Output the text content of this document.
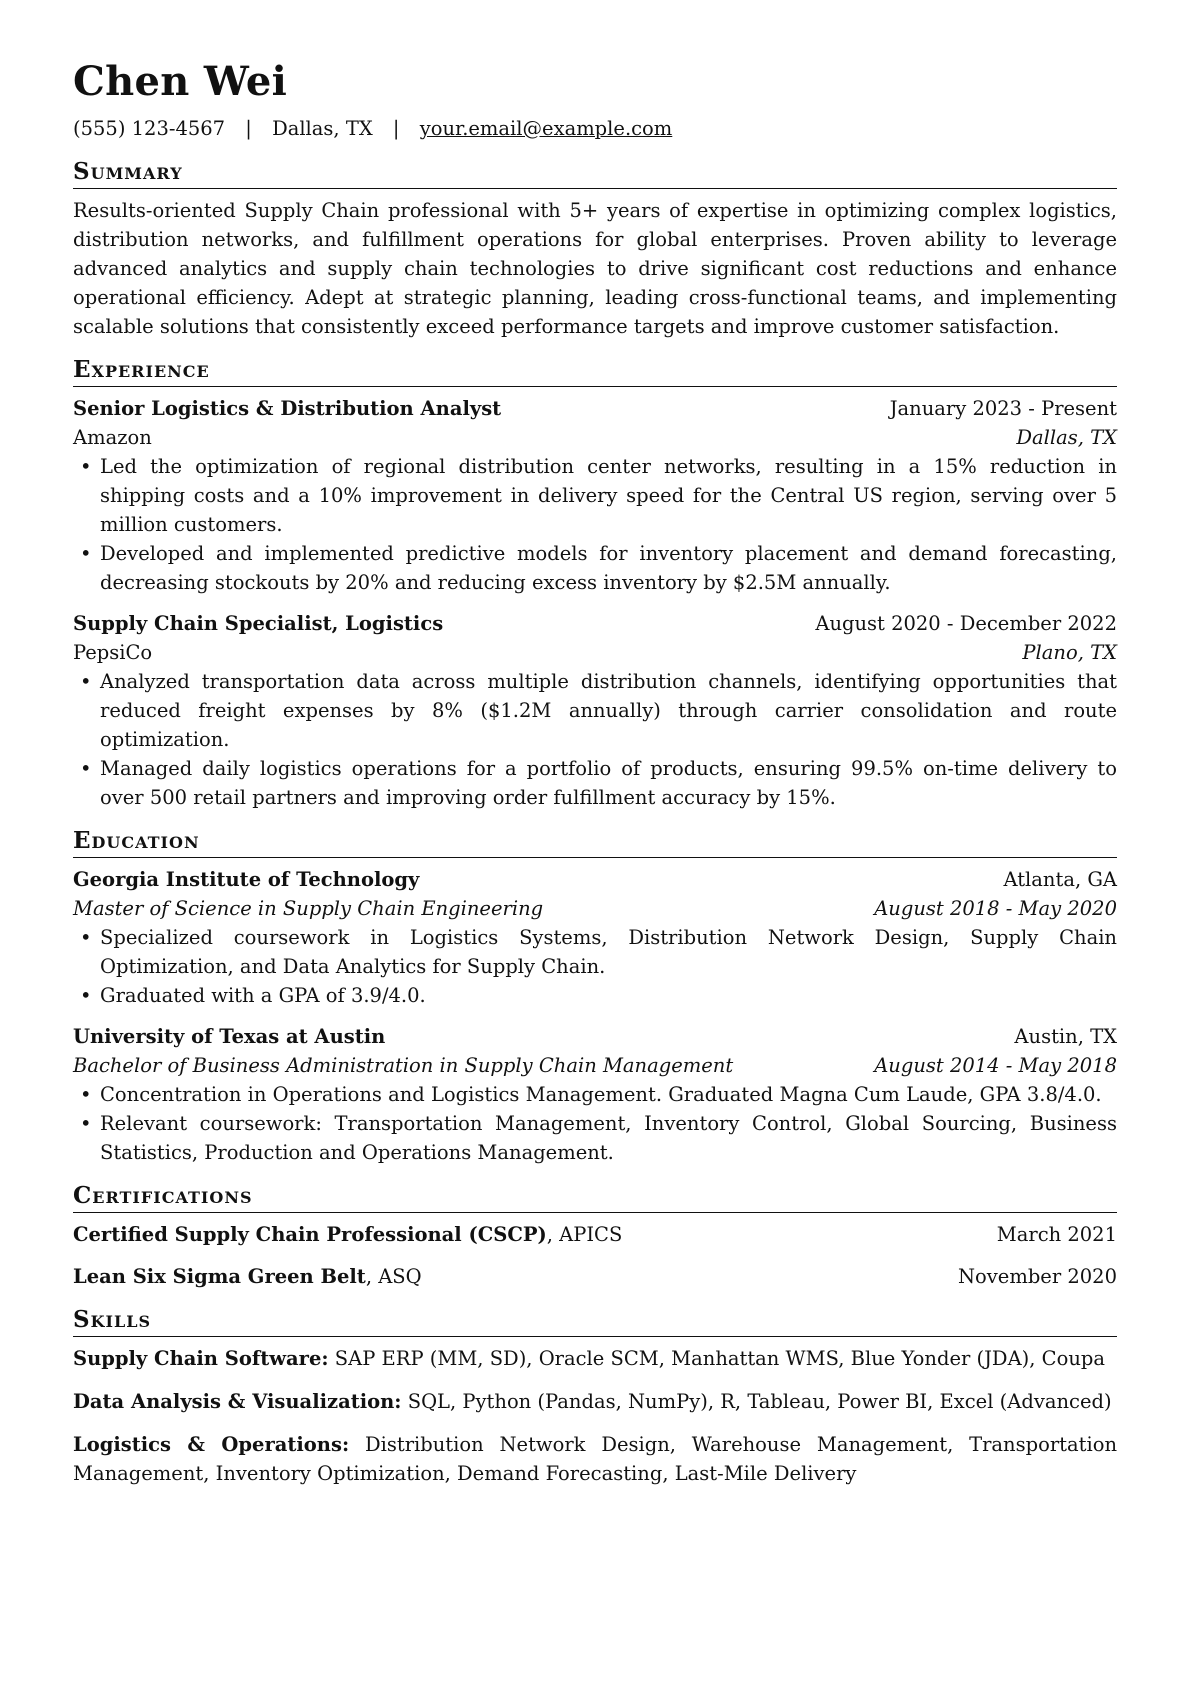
Chen Wei
(555) 123-4567 | Dallas, TX | your.email@example.com
Summary

Results-oriented Supply Chain professional with 5+ years of expertise in optimizing complex logistics, distribution networks, and fulfillment operations for global enterprises. Proven ability to leverage advanced analytics and supply chain technologies to drive significant cost reductions and enhance operational efficiency. Adept at strategic planning, leading cross-functional teams, and implementing scalable solutions that consistently exceed performance targets and improve customer satisfaction.

Experience
Senior Logistics & Distribution Analyst	January 2023 - Present
Amazon	Dallas, TX
• Led the optimization of regional distribution center networks, resulting in a 15% reduction in shipping costs and a 10% improvement in delivery speed for the Central US region, serving over 5 million customers.
• Developed and implemented predictive models for inventory placement and demand forecasting, decreasing stockouts by 20% and reducing excess inventory by $2.5M annually.
Supply Chain Specialist, Logistics	August 2020 - December 2022
PepsiCo	Plano, TX
• Analyzed transportation data across multiple distribution channels, identifying opportunities that reduced freight expenses by 8% ($1.2M annually) through carrier consolidation and route optimization.
• Managed daily logistics operations for a portfolio of products, ensuring 99.5% on-time delivery to over 500 retail partners and improving order fulfillment accuracy by 15%.
Education
Georgia Institute of Technology	Atlanta, GA
Master of Science in Supply Chain Engineering	August 2018 - May 2020
• Specialized coursework in Logistics Systems, Distribution Network Design, Supply Chain Optimization, and Data Analytics for Supply Chain.
• Graduated with a GPA of 3.9/4.0.
University of Texas at Austin	Austin, TX
Bachelor of Business Administration in Supply Chain Management	August 2014 - May 2018
• Concentration in Operations and Logistics Management. Graduated Magna Cum Laude, GPA 3.8/4.0.
• Relevant coursework: Transportation Management, Inventory Control, Global Sourcing, Business Statistics, Production and Operations Management.
Certifications
Certified Supply Chain Professional (CSCP), APICS	March 2021
Lean Six Sigma Green Belt, ASQ	November 2020
Skills

Supply Chain Software: SAP ERP (MM, SD), Oracle SCM, Manhattan WMS, Blue Yonder (JDA), Coupa

Data Analysis & Visualization: SQL, Python (Pandas, NumPy), R, Tableau, Power BI, Excel (Advanced)

Logistics & Operations: Distribution Network Design, Warehouse Management, Transportation Management, Inventory Optimization, Demand Forecasting, Last-Mile Delivery
